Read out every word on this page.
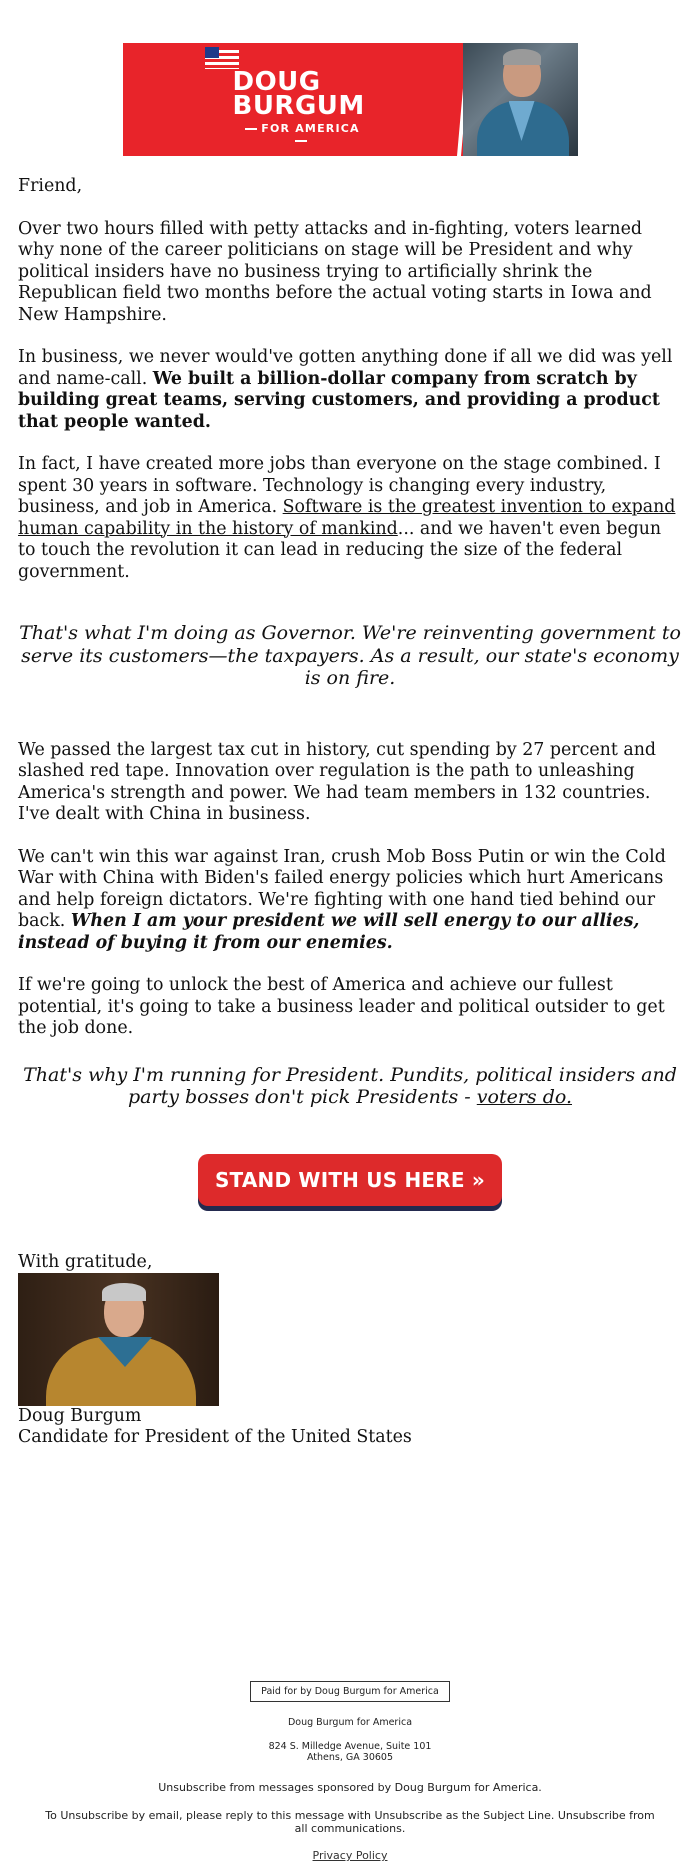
DOUG
BURGUM
FOR AMERICA

Friend,

Over two hours filled with petty attacks and in-fighting, voters learned why none of the career politicians on stage will be President and why political insiders have no business trying to artificially shrink the Republican field two months before the actual voting starts in Iowa and New Hampshire.

In business, we never would've gotten anything done if all we did was yell and name-call. We built a billion-dollar company from scratch by building great teams, serving customers, and providing a product that people wanted.

In fact, I have created more jobs than everyone on the stage combined. I spent 30 years in software. Technology is changing every industry, business, and job in America. Software is the greatest invention to expand human capability in the history of mankind... and we haven't even begun to touch the revolution it can lead in reducing the size of the federal government.

That's what I'm doing as Governor. We're reinventing government to serve its customers—the taxpayers. As a result, our state's economy is on fire.

We passed the largest tax cut in history, cut spending by 27 percent and slashed red tape. Innovation over regulation is the path to unleashing America's strength and power. We had team members in 132 countries. I've dealt with China in business.

We can't win this war against Iran, crush Mob Boss Putin or win the Cold War with China with Biden's failed energy policies which hurt Americans and help foreign dictators. We're fighting with one hand tied behind our back. When I am your president we will sell energy to our allies, instead of buying it from our enemies.

If we're going to unlock the best of America and achieve our fullest potential, it's going to take a business leader and political outsider to get the job done.

That's why I'm running for President. Pundits, political insiders and party bosses don't pick Presidents - voters do.

STAND WITH US HERE »
With gratitude,
Doug Burgum
Candidate for President of the United States
Paid for by Doug Burgum for America
Doug Burgum for America
824 S. Milledge Avenue, Suite 101
Athens, GA 30605
Unsubscribe from messages sponsored by Doug Burgum for America.
To Unsubscribe by email, please reply to this message with Unsubscribe as the Subject Line. Unsubscribe from all communications.
Privacy Policy
